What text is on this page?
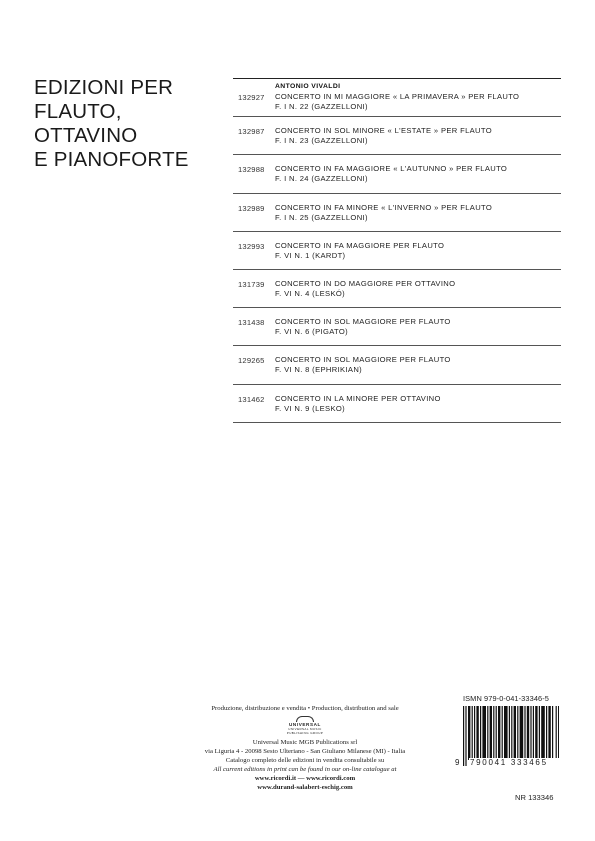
EDIZIONI PER
FLAUTO,
OTTAVINO
E PIANOFORTE
ANTONIO VIVALDI
132927 CONCERTO IN MI MAGGIORE « LA PRIMAVERA » PER FLAUTO
F. I N. 22 (GAZZELLONI)
132987 CONCERTO IN SOL MINORE « L'ESTATE » PER FLAUTO
F. I N. 23 (GAZZELLONI)
132988 CONCERTO IN FA MAGGIORE « L'AUTUNNO » PER FLAUTO
F. I N. 24 (GAZZELLONI)
132989 CONCERTO IN FA MINORE « L'INVERNO » PER FLAUTO
F. I N. 25 (GAZZELLONI)
132993 CONCERTO IN FA MAGGIORE PER FLAUTO
F. VI N. 1 (KARDT)
131739 CONCERTO IN DO MAGGIORE PER OTTAVINO
F. VI N. 4 (LESKÓ)
131438 CONCERTO IN SOL MAGGIORE PER FLAUTO
F. VI N. 6 (PIGATO)
129265 CONCERTO IN SOL MAGGIORE PER FLAUTO
F. VI N. 8 (EPHRIKIAN)
131462 CONCERTO IN LA MINORE PER OTTAVINO
F. VI N. 9 (LESKO)
Produzione, distribuzione e vendita • Production, distribution and sale
UNIVERSAL
UNIVERSAL MUSIC
PUBLISHING GROUP
Universal Music MGB Publications srl
via Liguria 4 - 20098 Sesto Ulteriano - San Giuliano Milanese (MI) - Italia
Catalogo completo delle edizioni in vendita consultabile su
All current editions in print can be found in our on-line catalogue at
www.ricordi.it — www.ricordi.com
www.durand-salabert-eschig.com
ISMN 979-0-041-33346-5
9 790041 333465
NR 133346
